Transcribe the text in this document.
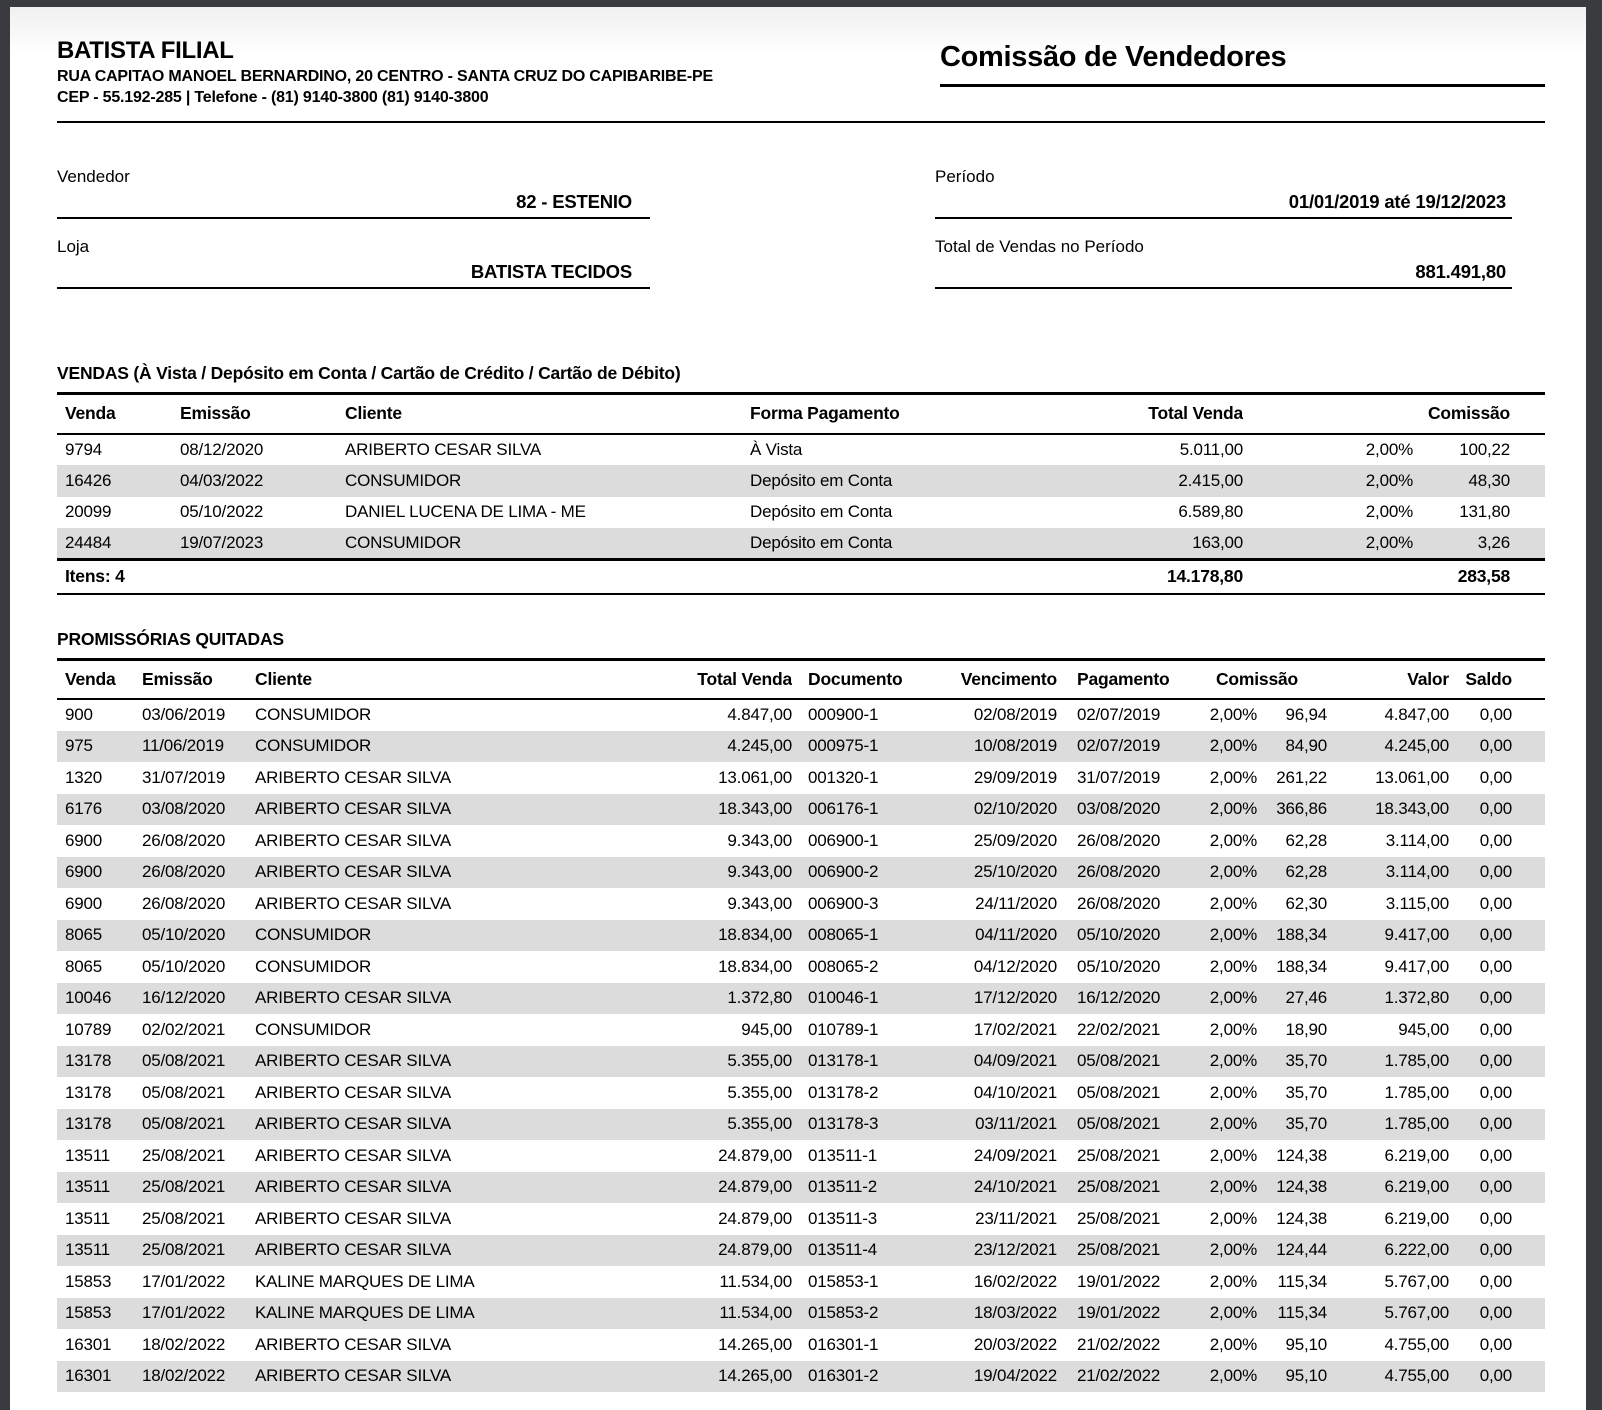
BATISTA FILIAL
RUA CAPITAO MANOEL BERNARDINO, 20 CENTRO - SANTA CRUZ DO CAPIBARIBE-PE
CEP - 55.192-285 | Telefone - (81) 9140-3800 (81) 9140-3800
Comissão de Vendedores
Vendedor
82 - ESTENIO
Loja
BATISTA TECIDOS
Período
01/01/2019 até 19/12/2023
Total de Vendas no Período
881.491,80
VENDAS (À Vista / Depósito em Conta / Cartão de Crédito / Cartão de Débito)
Venda	Emissão	Cliente	Forma Pagamento	Total Venda	Comissão	
9794	08/12/2020	ARIBERTO CESAR SILVA	À Vista	5.011,00	2,00%	100,22
16426	04/03/2022	CONSUMIDOR	Depósito em Conta	2.415,00	2,00%	48,30
20099	05/10/2022	DANIEL LUCENA DE LIMA - ME	Depósito em Conta	6.589,80	2,00%	131,80
24484	19/07/2023	CONSUMIDOR	Depósito em Conta	163,00	2,00%	3,26
Itens: 4				14.178,80		283,58
PROMISSÓRIAS QUITADAS
Venda	Emissão	Cliente	Total Venda	Documento	Vencimento	Pagamento	Comissão		Valor	Saldo
900	03/06/2019	CONSUMIDOR	4.847,00	000900-1	02/08/2019	02/07/2019	2,00%	96,94	4.847,00	0,00
975	11/06/2019	CONSUMIDOR	4.245,00	000975-1	10/08/2019	02/07/2019	2,00%	84,90	4.245,00	0,00
1320	31/07/2019	ARIBERTO CESAR SILVA	13.061,00	001320-1	29/09/2019	31/07/2019	2,00%	261,22	13.061,00	0,00
6176	03/08/2020	ARIBERTO CESAR SILVA	18.343,00	006176-1	02/10/2020	03/08/2020	2,00%	366,86	18.343,00	0,00
6900	26/08/2020	ARIBERTO CESAR SILVA	9.343,00	006900-1	25/09/2020	26/08/2020	2,00%	62,28	3.114,00	0,00
6900	26/08/2020	ARIBERTO CESAR SILVA	9.343,00	006900-2	25/10/2020	26/08/2020	2,00%	62,28	3.114,00	0,00
6900	26/08/2020	ARIBERTO CESAR SILVA	9.343,00	006900-3	24/11/2020	26/08/2020	2,00%	62,30	3.115,00	0,00
8065	05/10/2020	CONSUMIDOR	18.834,00	008065-1	04/11/2020	05/10/2020	2,00%	188,34	9.417,00	0,00
8065	05/10/2020	CONSUMIDOR	18.834,00	008065-2	04/12/2020	05/10/2020	2,00%	188,34	9.417,00	0,00
10046	16/12/2020	ARIBERTO CESAR SILVA	1.372,80	010046-1	17/12/2020	16/12/2020	2,00%	27,46	1.372,80	0,00
10789	02/02/2021	CONSUMIDOR	945,00	010789-1	17/02/2021	22/02/2021	2,00%	18,90	945,00	0,00
13178	05/08/2021	ARIBERTO CESAR SILVA	5.355,00	013178-1	04/09/2021	05/08/2021	2,00%	35,70	1.785,00	0,00
13178	05/08/2021	ARIBERTO CESAR SILVA	5.355,00	013178-2	04/10/2021	05/08/2021	2,00%	35,70	1.785,00	0,00
13178	05/08/2021	ARIBERTO CESAR SILVA	5.355,00	013178-3	03/11/2021	05/08/2021	2,00%	35,70	1.785,00	0,00
13511	25/08/2021	ARIBERTO CESAR SILVA	24.879,00	013511-1	24/09/2021	25/08/2021	2,00%	124,38	6.219,00	0,00
13511	25/08/2021	ARIBERTO CESAR SILVA	24.879,00	013511-2	24/10/2021	25/08/2021	2,00%	124,38	6.219,00	0,00
13511	25/08/2021	ARIBERTO CESAR SILVA	24.879,00	013511-3	23/11/2021	25/08/2021	2,00%	124,38	6.219,00	0,00
13511	25/08/2021	ARIBERTO CESAR SILVA	24.879,00	013511-4	23/12/2021	25/08/2021	2,00%	124,44	6.222,00	0,00
15853	17/01/2022	KALINE MARQUES DE LIMA	11.534,00	015853-1	16/02/2022	19/01/2022	2,00%	115,34	5.767,00	0,00
15853	17/01/2022	KALINE MARQUES DE LIMA	11.534,00	015853-2	18/03/2022	19/01/2022	2,00%	115,34	5.767,00	0,00
16301	18/02/2022	ARIBERTO CESAR SILVA	14.265,00	016301-1	20/03/2022	21/02/2022	2,00%	95,10	4.755,00	0,00
16301	18/02/2022	ARIBERTO CESAR SILVA	14.265,00	016301-2	19/04/2022	21/02/2022	2,00%	95,10	4.755,00	0,00
